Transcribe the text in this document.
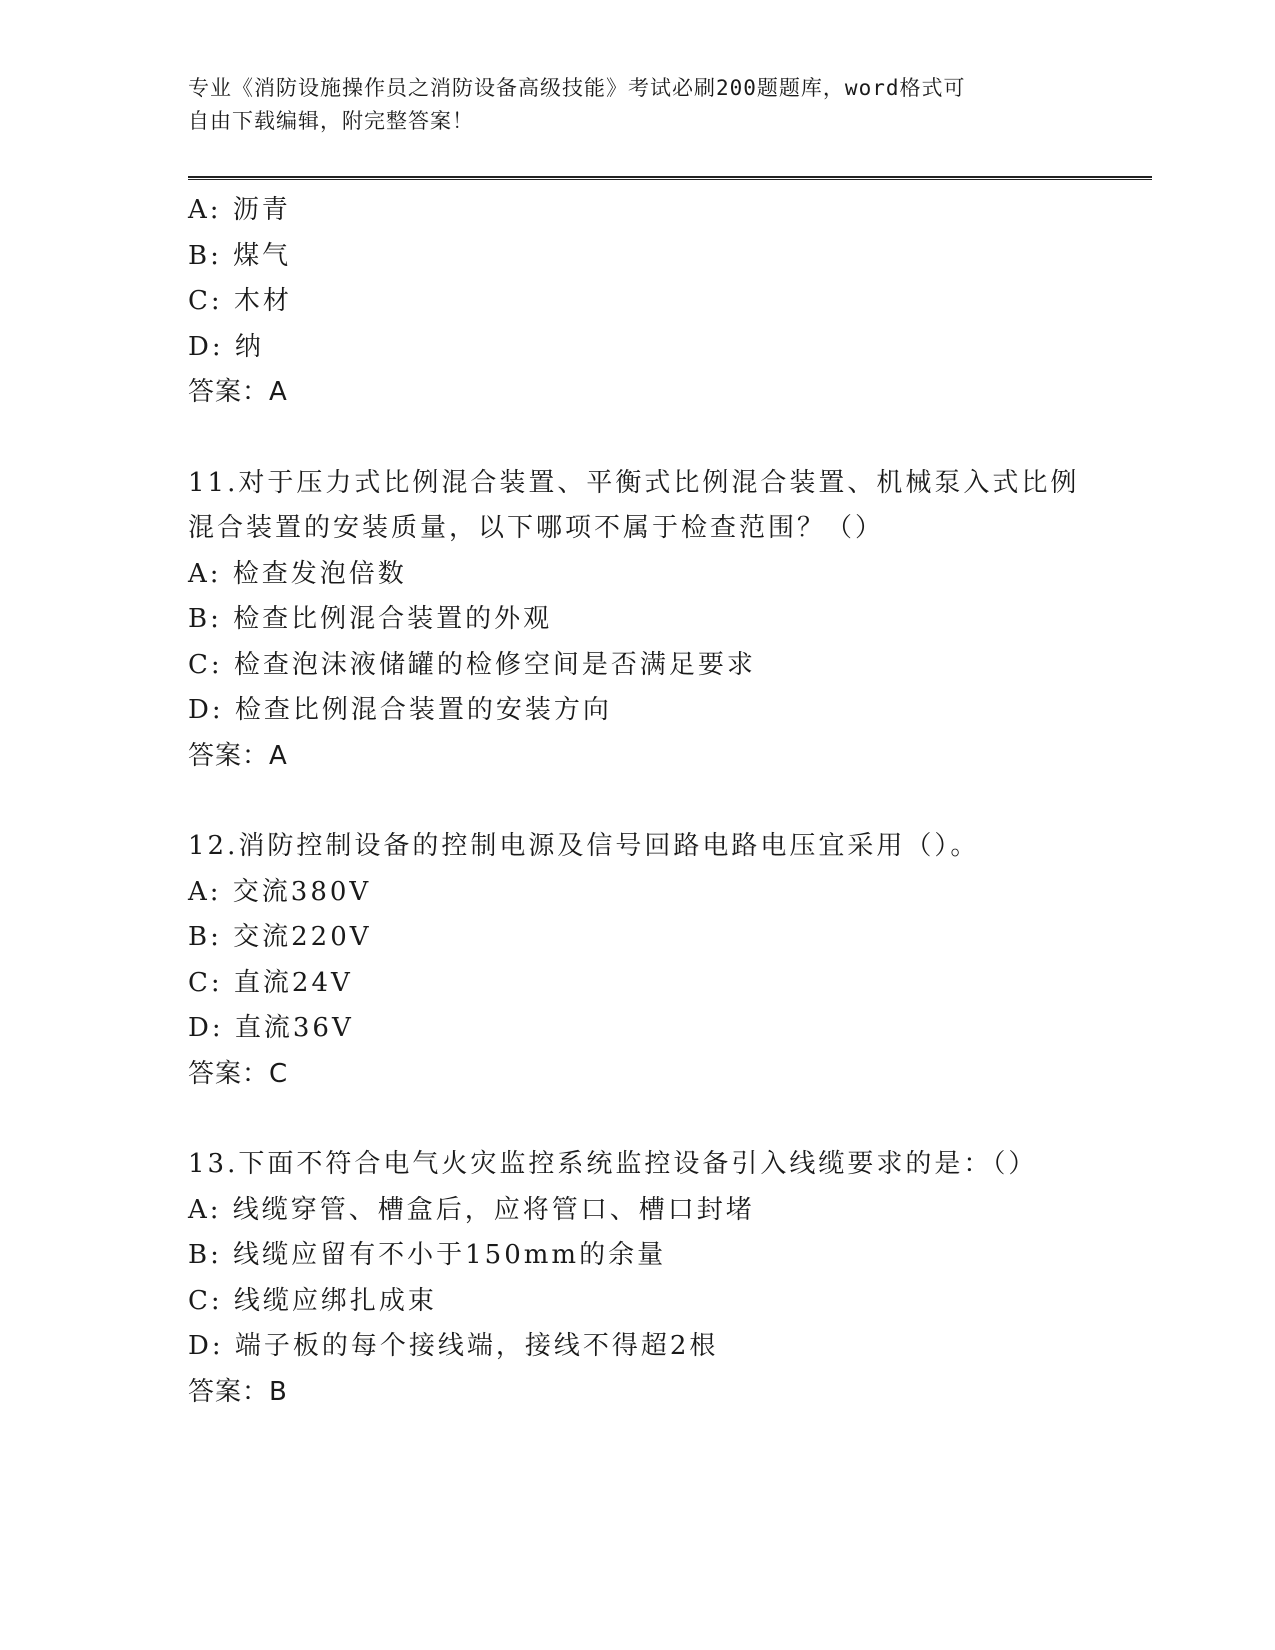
专业《消防设施操作员之消防设备高级技能》考试必刷200题题库，word格式可
自由下载编辑，附完整答案！
A: 沥青
B: 煤气
C: 木材
D: 纳
答案：A
11.对于压力式比例混合装置、平衡式比例混合装置、机械泵入式比例
混合装置的安装质量，以下哪项不属于检查范围？（）
A: 检查发泡倍数
B: 检查比例混合装置的外观
C: 检查泡沫液储罐的检修空间是否满足要求
D: 检查比例混合装置的安装方向
答案：A
12.消防控制设备的控制电源及信号回路电路电压宜采用（）。
A: 交流380V
B: 交流220V
C: 直流24V
D: 直流36V
答案：C
13.下面不符合电气火灾监控系统监控设备引入线缆要求的是：（）
A: 线缆穿管、槽盒后，应将管口、槽口封堵
B: 线缆应留有不小于150mm的余量
C: 线缆应绑扎成束
D: 端子板的每个接线端，接线不得超2根
答案：B
